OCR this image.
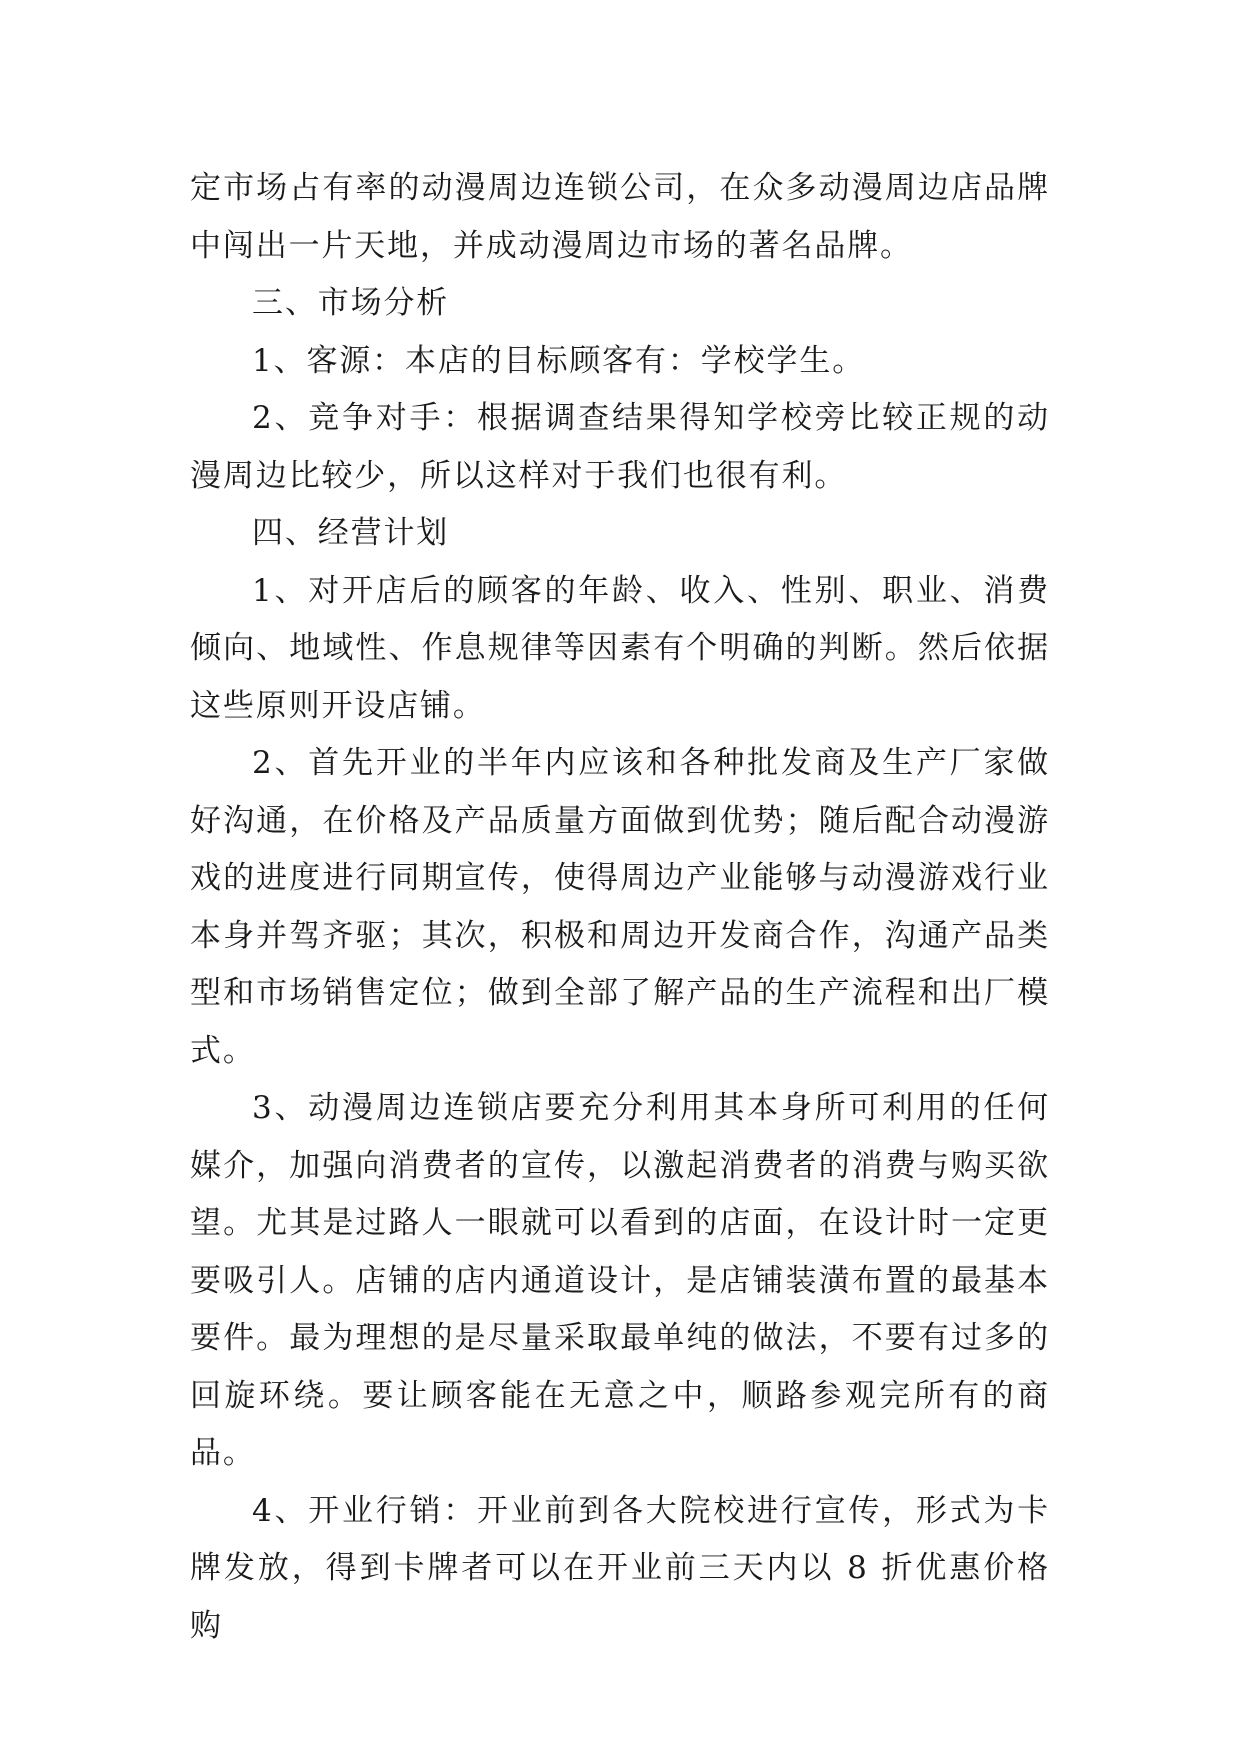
定市场占有率的动漫周边连锁公司，在众多动漫周边店品牌中闯出一片天地，并成动漫周边市场的著名品牌。

三、市场分析

1、客源：本店的目标顾客有：学校学生。

2、竞争对手：根据调查结果得知学校旁比较正规的动漫周边比较少，所以这样对于我们也很有利。

四、经营计划

1、对开店后的顾客的年龄、收入、性别、职业、消费倾向、地域性、作息规律等因素有个明确的判断。然后依据这些原则开设店铺。

2、首先开业的半年内应该和各种批发商及生产厂家做好沟通，在价格及产品质量方面做到优势；随后配合动漫游戏的进度进行同期宣传，使得周边产业能够与动漫游戏行业本身并驾齐驱；其次，积极和周边开发商合作，沟通产品类型和市场销售定位；做到全部了解产品的生产流程和出厂模式。

3、动漫周边连锁店要充分利用其本身所可利用的任何媒介，加强向消费者的宣传，以激起消费者的消费与购买欲望。尤其是过路人一眼就可以看到的店面，在设计时一定更要吸引人。店铺的店内通道设计，是店铺装潢布置的最基本要件。最为理想的是尽量采取最单纯的做法，不要有过多的回旋环绕。要让顾客能在无意之中，顺路参观完所有的商品。

4、开业行销：开业前到各大院校进行宣传，形式为卡牌发放，得到卡牌者可以在开业前三天内以 8 折优惠价格购
